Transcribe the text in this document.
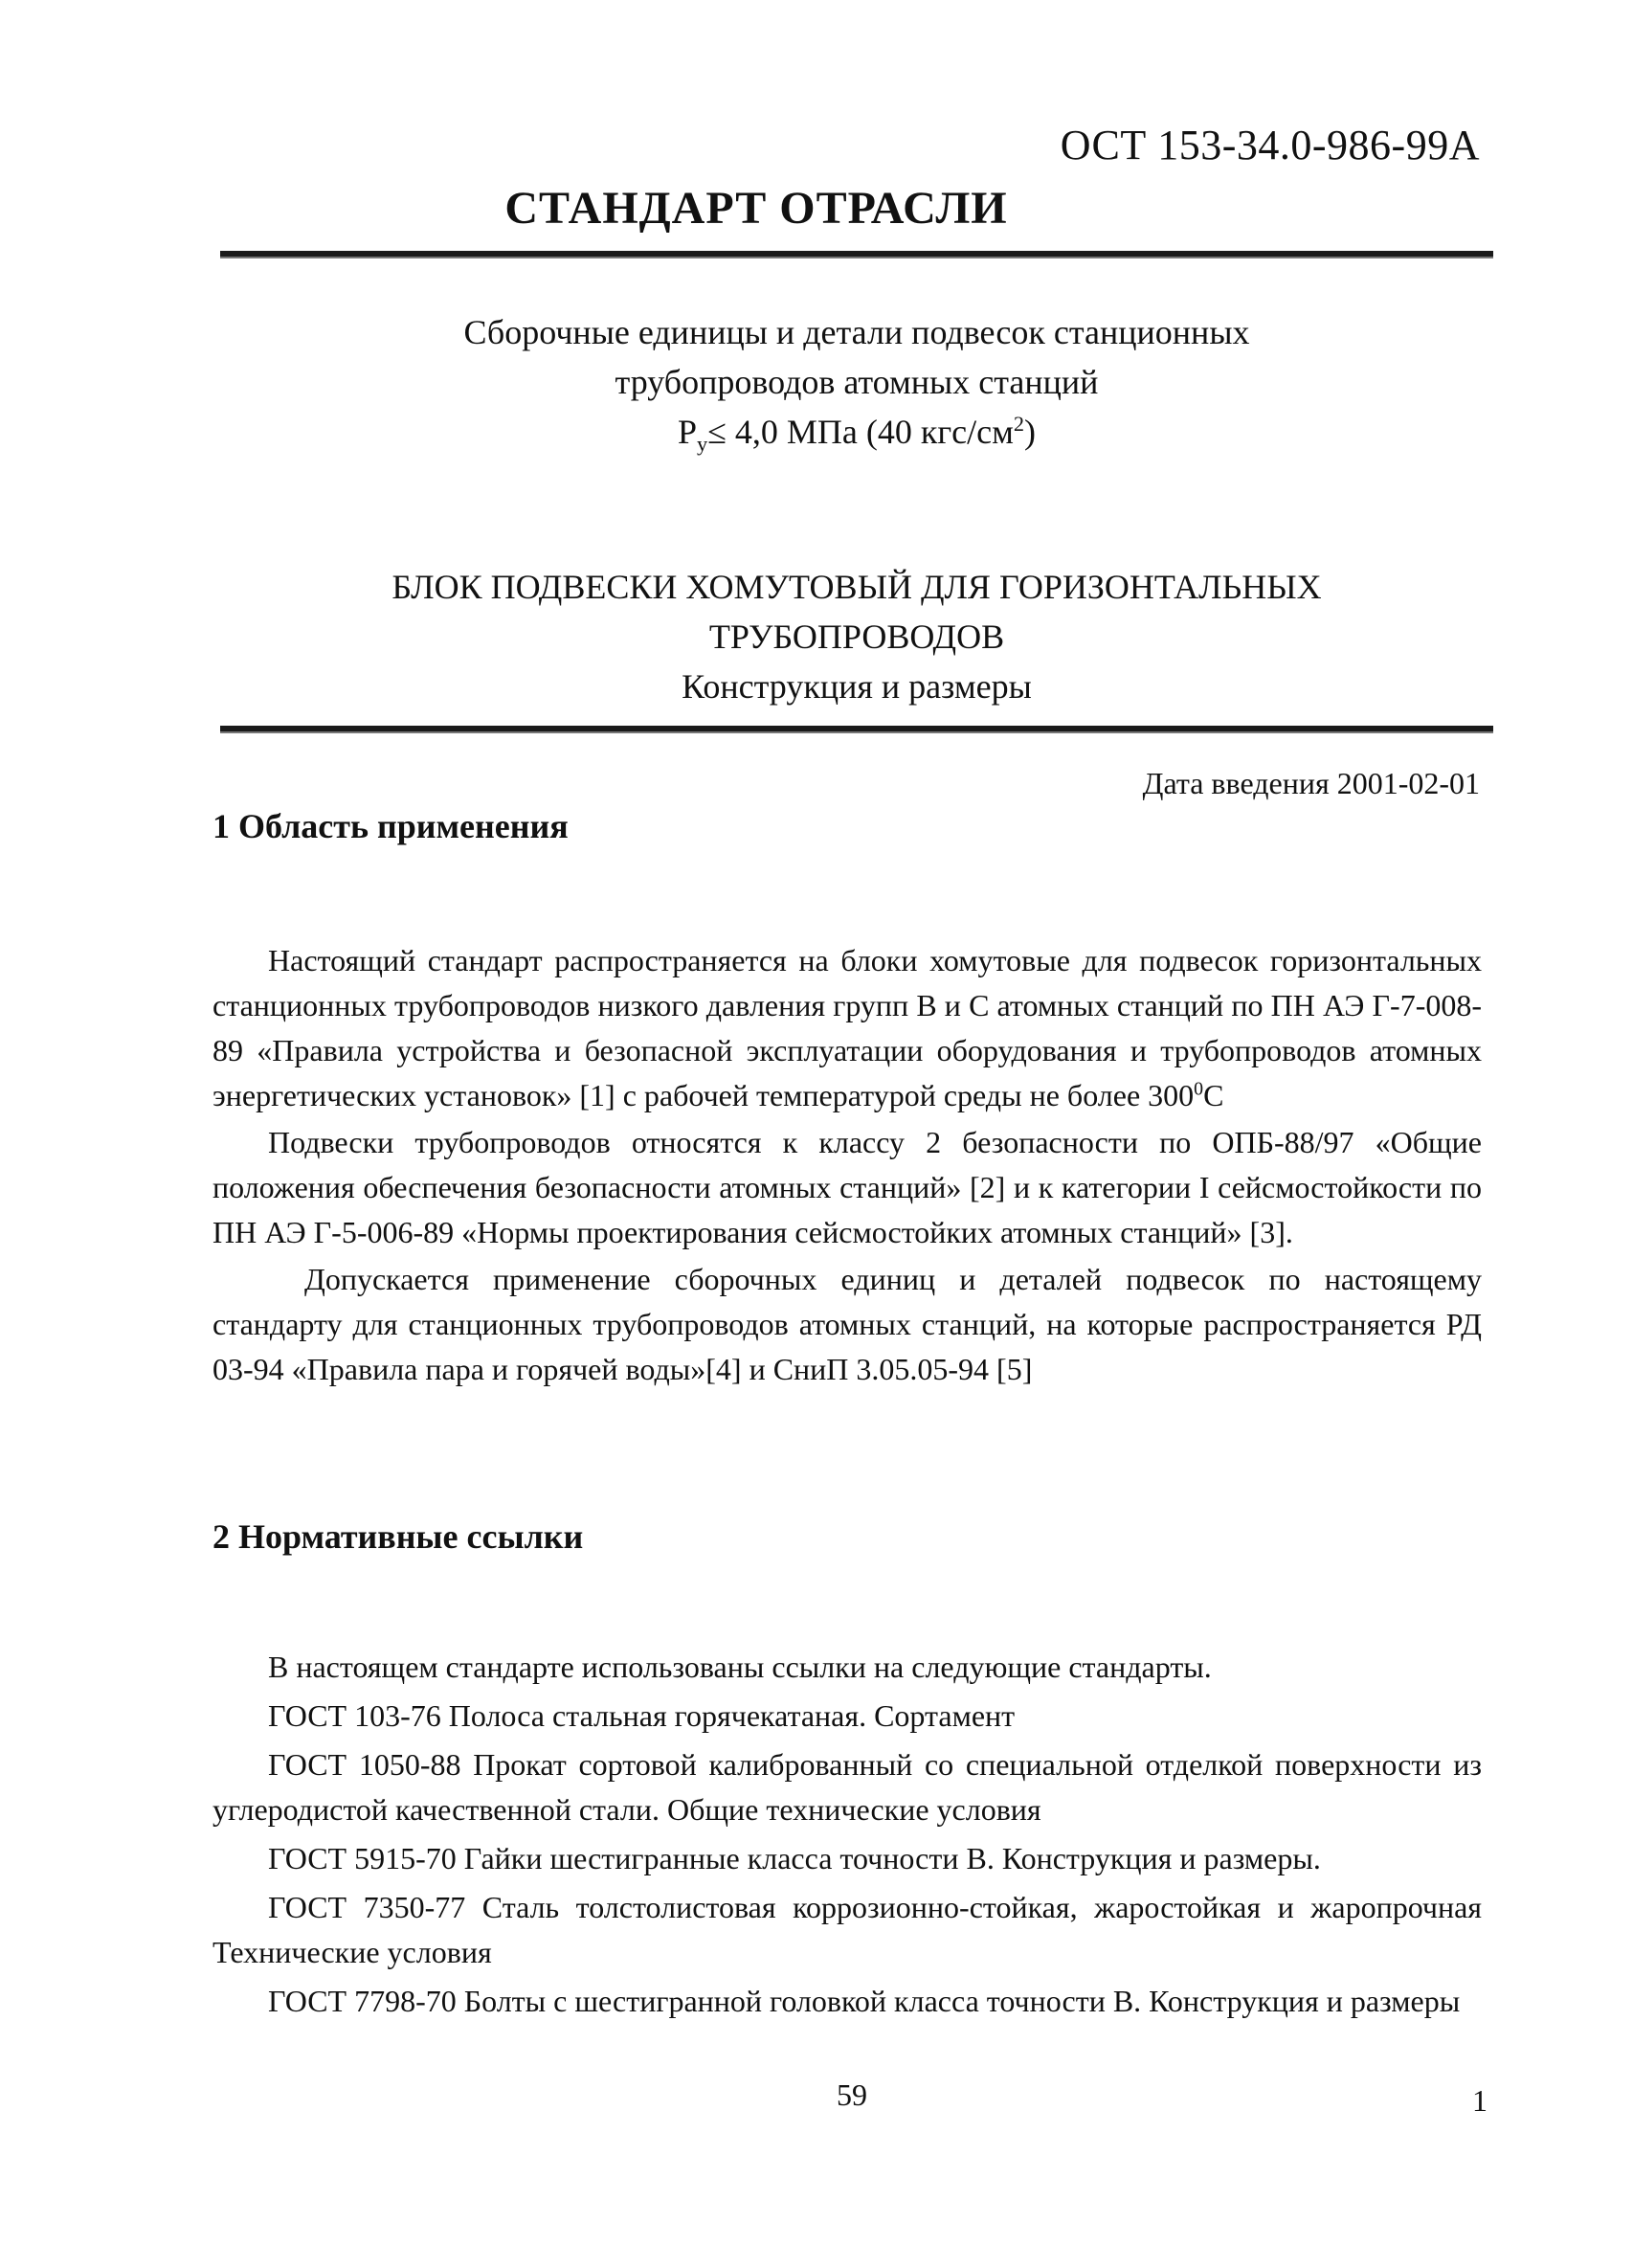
ОСТ 153-34.0-986-99А
СТАНДАРТ ОТРАСЛИ
Сборочные единицы и детали подвесок станционных
трубопроводов атомных станций
$P_у\le 4,0$ МПа (40 кгс/$см^2$)
БЛОК ПОДВЕСКИ ХОМУТОВЫЙ ДЛЯ ГОРИЗОНТАЛЬНЫХ
ТРУБОПРОВОДОВ
Конструкция и размеры
Дата введения 2001-02-01
1 Область применения

Настоящий стандарт распространяется на блоки хомутовые для подвесок горизонтальных станционных трубопроводов низкого давления групп В и С атомных станций по ПН АЭ Г-7-008-89 «Правила устройства и безопасной эксплуатации оборудования и трубопроводов атомных энергетических установок» [1] с рабочей температурой среды не более $300^0С$

Подвески трубопроводов относятся к классу 2 безопасности по ОПБ-88/97 «Общие положения обеспечения безопасности атомных станций» [2] и к категории I сейсмостойкости по ПН АЭ Г-5-006-89 «Нормы проектирования сейсмостойких атомных станций» [3].

Допускается применение сборочных единиц и деталей подвесок по настоящему стандарту для станционных трубопроводов атомных станций, на которые распространяется РД 03-94 «Правила пара и горячей воды»[4] и СниП 3.05.05-94 [5]

2 Нормативные ссылки

В настоящем стандарте использованы ссылки на следующие стандарты.

ГОСТ 103-76 Полоса стальная горячекатаная. Сортамент

ГОСТ 1050-88 Прокат сортовой калиброванный со специальной отделкой поверхности из углеродистой качественной стали. Общие технические условия

ГОСТ 5915-70 Гайки шестигранные класса точности В. Конструкция и размеры.

ГОСТ 7350-77 Сталь толстолистовая коррозионно-стойкая, жаростойкая и жаропрочная Технические условия

ГОСТ 7798-70 Болты с шестигранной головкой класса точности В. Конструкция и размеры

59	1
